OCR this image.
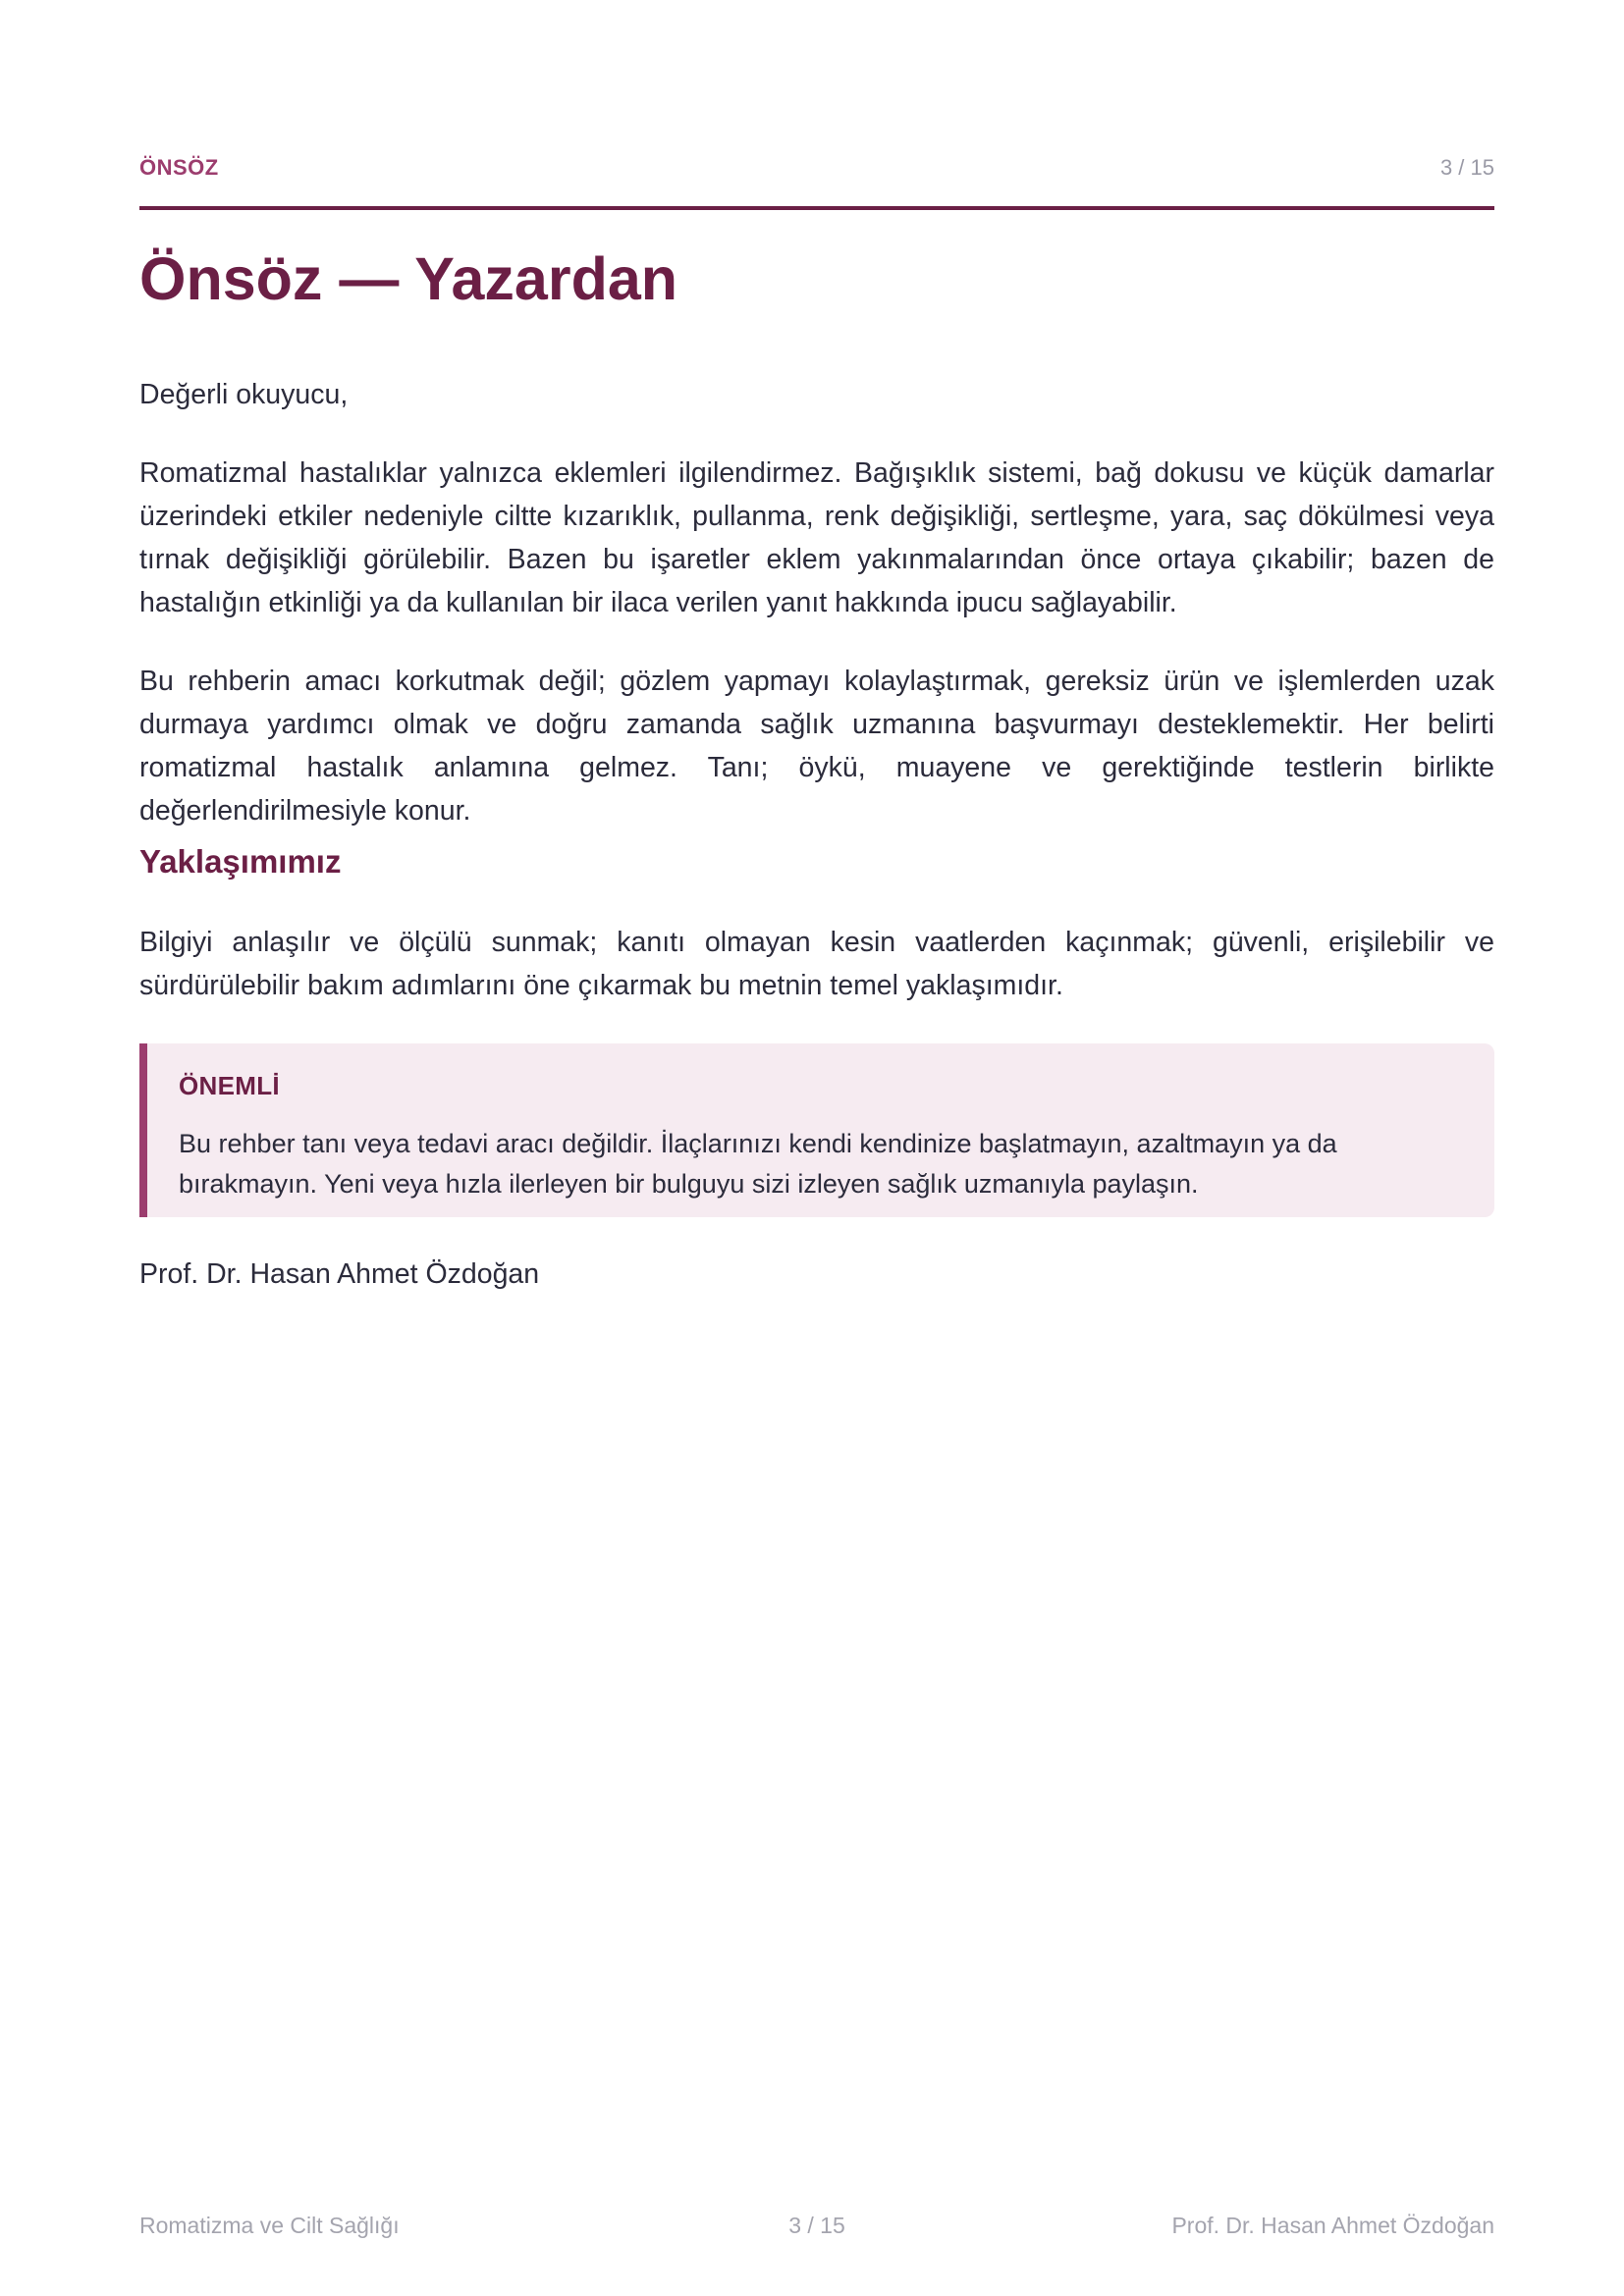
ÖNSÖZ	3 / 15
Önsöz — Yazardan

Değerli okuyucu,

Romatizmal hastalıklar yalnızca eklemleri ilgilendirmez. Bağışıklık sistemi, bağ dokusu ve küçük damarlar üzerindeki etkiler nedeniyle ciltte kızarıklık, pullanma, renk değişikliği, sertleşme, yara, saç dökülmesi veya tırnak değişikliği görülebilir. Bazen bu işaretler eklem yakınmalarından önce ortaya çıkabilir; bazen de hastalığın etkinliği ya da kullanılan bir ilaca verilen yanıt hakkında ipucu sağlayabilir.

Bu rehberin amacı korkutmak değil; gözlem yapmayı kolaylaştırmak, gereksiz ürün ve işlemlerden uzak durmaya yardımcı olmak ve doğru zamanda sağlık uzmanına başvurmayı desteklemektir. Her belirti romatizmal hastalık anlamına gelmez. Tanı; öykü, muayene ve gerektiğinde testlerin birlikte değerlendirilmesiyle konur.

Yaklaşımımız

Bilgiyi anlaşılır ve ölçülü sunmak; kanıtı olmayan kesin vaatlerden kaçınmak; güvenli, erişilebilir ve sürdürülebilir bakım adımlarını öne çıkarmak bu metnin temel yaklaşımıdır.

ÖNEMLİ

Bu rehber tanı veya tedavi aracı değildir. İlaçlarınızı kendi kendinize başlatmayın, azaltmayın ya da bırakmayın. Yeni veya hızla ilerleyen bir bulguyu sizi izleyen sağlık uzmanıyla paylaşın.

Prof. Dr. Hasan Ahmet Özdoğan

Romatizma ve Cilt Sağlığı	3 / 15	Prof. Dr. Hasan Ahmet Özdoğan
